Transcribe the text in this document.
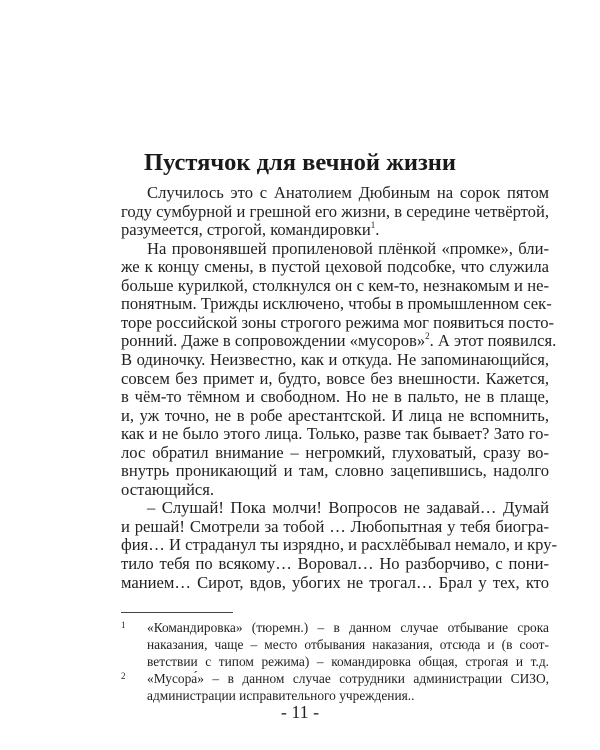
Пустячок для вечной жизни
Случилось это с Анатолием Дюбиным на сорок пятом
году сумбурной и грешной его жизни, в середине четвёртой,
разумеется, строгой, командировки$^1$.
На провонявшей пропиленовой плёнкой «промке», бли-
же к концу смены, в пустой цеховой подсобке, что служила
больше курилкой, столкнулся он с кем-то, незнакомым и не-
понятным. Трижды исключено, чтобы в промышленном сек-
торе российской зоны строгого режима мог появиться посто-
ронний. Даже в сопровождении «мусоров»$^2$. А этот появился.
В одиночку. Неизвестно, как и откуда. Не запоминающийся,
совсем без примет и, будто, вовсе без внешности. Кажется,
в чём-то тёмном и свободном. Но не в пальто, не в плаще,
и, уж точно, не в робе арестантской. И лица не вспомнить,
как и не было этого лица. Только, разве так бывает? Зато го-
лос обратил внимание – негромкий, глуховатый, сразу во-
внутрь проникающий и там, словно зацепившись, надолго
остающийся.
– Слушай! Пока молчи! Вопросов не задавай… Думай
и решай! Смотрели за тобой … Любопытная у тебя биогра-
фия… И страданул ты изрядно, и расхлёбывал немало, и кру-
тило тебя по всякому… Воровал… Но разборчиво, с пони-
манием… Сирот, вдов, убогих не трогал… Брал у тех, кто
1 «Командировка» (тюремн.) – в данном случае отбывание срока
наказания, чаще – место отбывания наказания, отсюда и (в соот-
ветствии с типом режима) – командировка общая, строгая и т.д.
2 «Мусора́» – в данном случае сотрудники администрации СИЗО,
администрации исправительного учреждения..
- 11 -
